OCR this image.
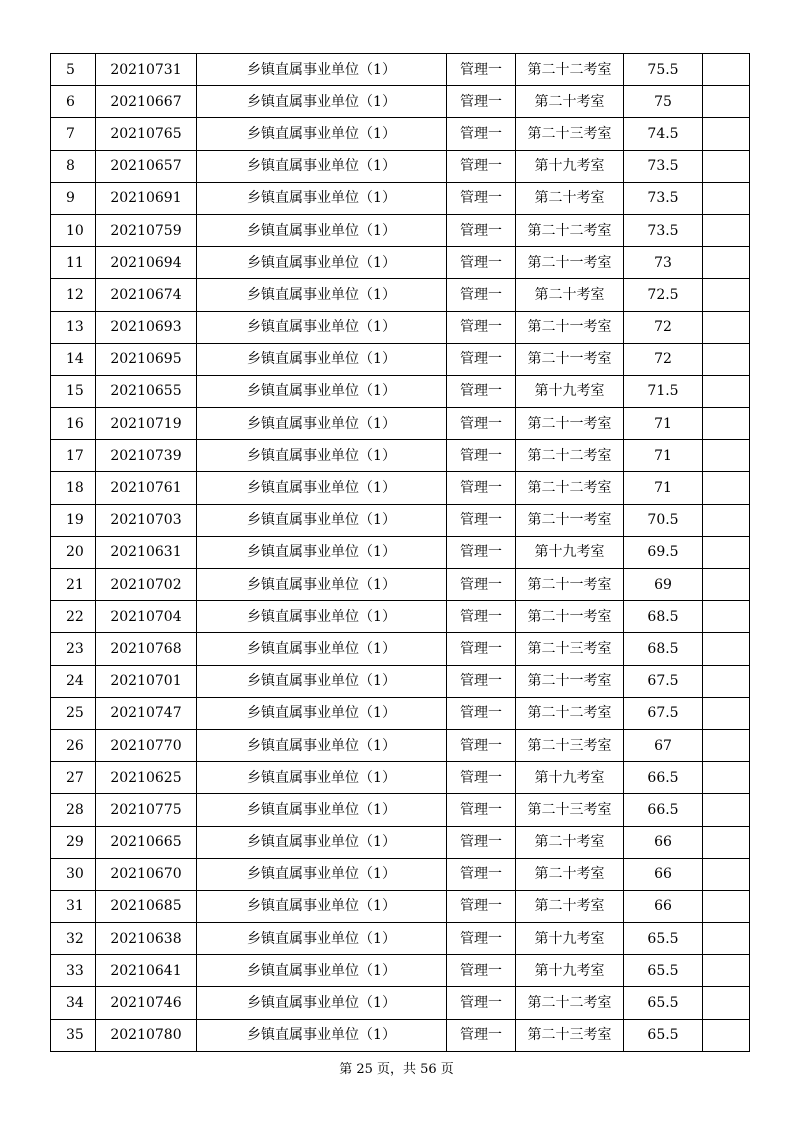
5	20210731	乡镇直属事业单位（1）	管理一	第二十二考室	75.5	
6	20210667	乡镇直属事业单位（1）	管理一	第二十考室	75	
7	20210765	乡镇直属事业单位（1）	管理一	第二十三考室	74.5	
8	20210657	乡镇直属事业单位（1）	管理一	第十九考室	73.5	
9	20210691	乡镇直属事业单位（1）	管理一	第二十考室	73.5	
10	20210759	乡镇直属事业单位（1）	管理一	第二十二考室	73.5	
11	20210694	乡镇直属事业单位（1）	管理一	第二十一考室	73	
12	20210674	乡镇直属事业单位（1）	管理一	第二十考室	72.5	
13	20210693	乡镇直属事业单位（1）	管理一	第二十一考室	72	
14	20210695	乡镇直属事业单位（1）	管理一	第二十一考室	72	
15	20210655	乡镇直属事业单位（1）	管理一	第十九考室	71.5	
16	20210719	乡镇直属事业单位（1）	管理一	第二十一考室	71	
17	20210739	乡镇直属事业单位（1）	管理一	第二十二考室	71	
18	20210761	乡镇直属事业单位（1）	管理一	第二十二考室	71	
19	20210703	乡镇直属事业单位（1）	管理一	第二十一考室	70.5	
20	20210631	乡镇直属事业单位（1）	管理一	第十九考室	69.5	
21	20210702	乡镇直属事业单位（1）	管理一	第二十一考室	69	
22	20210704	乡镇直属事业单位（1）	管理一	第二十一考室	68.5	
23	20210768	乡镇直属事业单位（1）	管理一	第二十三考室	68.5	
24	20210701	乡镇直属事业单位（1）	管理一	第二十一考室	67.5	
25	20210747	乡镇直属事业单位（1）	管理一	第二十二考室	67.5	
26	20210770	乡镇直属事业单位（1）	管理一	第二十三考室	67	
27	20210625	乡镇直属事业单位（1）	管理一	第十九考室	66.5	
28	20210775	乡镇直属事业单位（1）	管理一	第二十三考室	66.5	
29	20210665	乡镇直属事业单位（1）	管理一	第二十考室	66	
30	20210670	乡镇直属事业单位（1）	管理一	第二十考室	66	
31	20210685	乡镇直属事业单位（1）	管理一	第二十考室	66	
32	20210638	乡镇直属事业单位（1）	管理一	第十九考室	65.5	
33	20210641	乡镇直属事业单位（1）	管理一	第十九考室	65.5	
34	20210746	乡镇直属事业单位（1）	管理一	第二十二考室	65.5	
35	20210780	乡镇直属事业单位（1）	管理一	第二十三考室	65.5	
第 25 页，共 56 页
